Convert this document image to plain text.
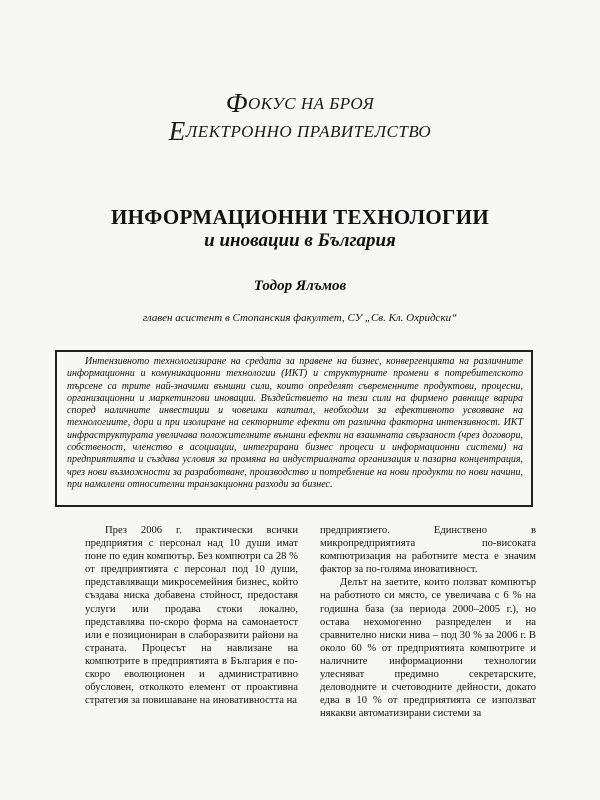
ФОКУС НА БРОЯ
ЕЛЕКТРОННО ПРАВИТЕЛСТВО
ИНФОРМАЦИОННИ ТЕХНОЛОГИИ
и иновации в България
Тодор Ялъмов
главен асистент в Стопанския факултет, СУ „Св. Кл. Охридски“
Интензивното технологизиране на средата за правене на бизнес, конвергенцията на различните информационни и комуникационни технологии (ИКТ) и структурните промени в потребителското търсене са трите най-значими външни сили, които определят съвременните продуктови, процесни, организационни и маркетингови иновации. Въздействието на тези сили на фирмено равнище варира според наличните инвестиции и човешки капитал, необходим за ефективното усвояване на технологиите, дори и при изолиране на секторните ефекти от различна факторна интензивност. ИКТ инфраструктурата увеличава положителните външни ефекти на взаимната свързаност (чрез договори, собственост, членство в асоциации, интегрирани бизнес процеси и информационни системи) на предприятията и създава условия за промяна на индустриалната организация и пазарна концентрация, чрез нови възможности за разработване, производство и потребление на нови продукти по нови начини, при намалени относителни транзакционни разходи за бизнес.

През 2006 г. практически всички предприятия с персонал над 10 души имат поне по един компютър. Без компютри са 28 % от предприятията с персонал под 10 души, представляващи микросемейния бизнес, който създава ниска добавена стойност, предоставя услуги или продава стоки локално, представлява по-скоро форма на самонаетост или е позициониран в слаборазвити райони на страната. Процесът на навлизане на компютрите в предприятията в България е по-скоро еволюционен и административно обусловен, отколкото елемент от проактивна стратегия за повишаване на иновативността на

предприятието. Единствено в микропредприятията по-високата компютризация на работните места е значим фактор за по-голяма иновативност.

Делът на заетите, които ползват компютър на работното си място, се увеличава с 6 % на годишна база (за периода 2000–2005 г.), но остава нехомогенно разпределен и на сравнително ниски нива – под 30 % за 2006 г. В около 60 % от предприятията компютрите и наличните информационни технологии улесняват предимно секретарските, деловодните и счетоводните дейности, докато едва в 10 % от предприятията се използват някакви автоматизирани системи за
